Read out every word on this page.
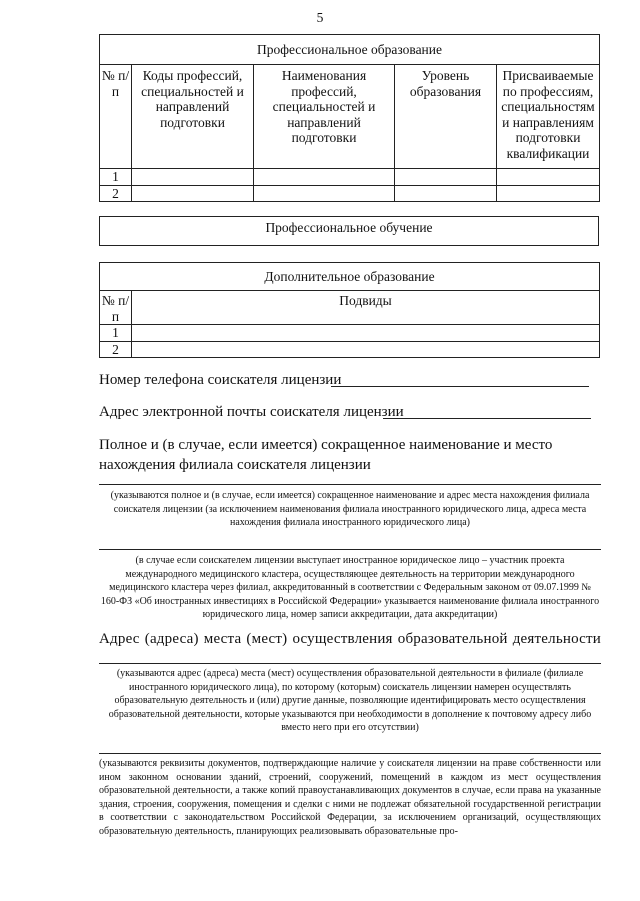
5
Профессиональное образование				
№ п/п	Коды профессий, специальностей и направлений подготовки	Наименования профессий, специальностей и направлений подготовки	Уровень образования	Присваиваемые по профессиям, специальностям и направлениям подготовки квалификации
1				
2				
Профессиональное обучение
Дополнительное образование	
№ п/п	Подвиды
1	
2	
Номер телефона соискателя лицензии
Адрес электронной почты соискателя лицензии
Полное и (в случае, если имеется) сокращенное наименование и место нахождения филиала соискателя лицензии
(указываются полное и (в случае, если имеется) сокращенное наименование и адрес места нахождения филиала соискателя лицензии (за исключением наименования филиала иностранного юридического лица, адреса места нахождения филиала иностранного юридического лица)
(в случае если соискателем лицензии выступает иностранное юридическое лицо – участник проекта международного медицинского кластера, осуществляющее деятельность на территории международного медицинского кластера через филиал, аккредитованный в соответствии с Федеральным законом от 09.07.1999 № 160-ФЗ «Об иностранных инвестициях в Российской Федерации» указывается наименование филиала иностранного юридического лица, номер записи аккредитации, дата аккредитации)
Адрес (адреса) места (мест) осуществления образовательной деятельности
(указываются адрес (адреса) места (мест) осуществления образовательной деятельности в филиале (филиале иностранного юридического лица), по которому (которым) соискатель лицензии намерен осуществлять образовательную деятельность и (или) другие данные, позволяющие идентифицировать место осуществления образовательной деятельности, которые указываются при необходимости в дополнение к почтовому адресу либо вместо него при его отсутствии)
(указываются реквизиты документов, подтверждающие наличие у соискателя лицензии на праве собственности или ином законном основании зданий, строений, сооружений, помещений в каждом из мест осуществления образовательной деятельности, а также копий правоустанавливающих документов в случае, если права на указанные здания, строения, сооружения, помещения и сделки с ними не подлежат обязательной государственной регистрации в соответствии с законодательством Российской Федерации, за исключением организаций, осуществляющих образовательную деятельность, планирующих реализовывать образовательные про-
